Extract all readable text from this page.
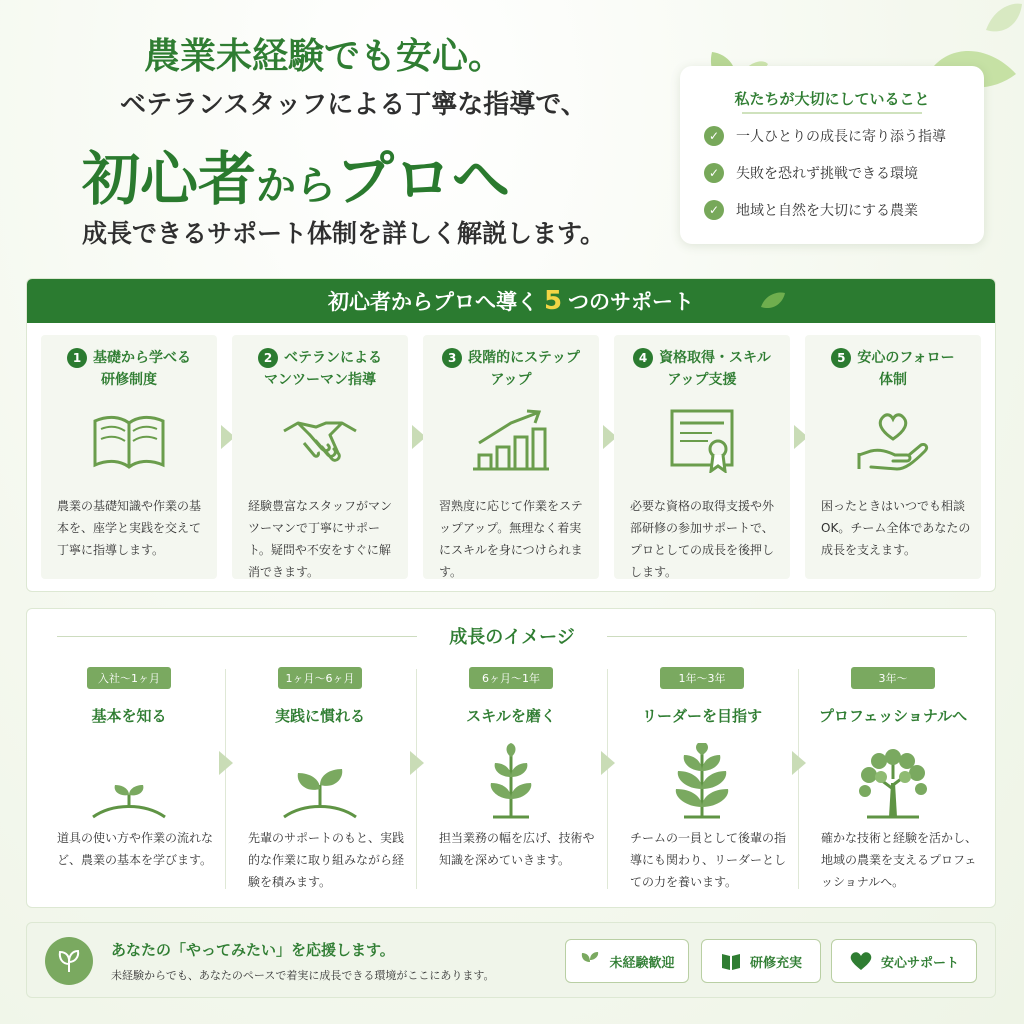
農業未経験でも安心。
ベテランスタッフによる丁寧な指導で、
初心者からプロへ
成長できるサポート体制を詳しく解説します。
私たちが大切にしていること
✓	一人ひとりの成長に寄り添う指導
✓	失敗を恐れず挑戦できる環境
✓	地域と自然を大切にする農業
初心者からプロへ導く 5 つのサポート
1 基礎から学べる
研修制度
農業の基礎知識や作業の基本を、座学と実践を交えて丁寧に指導します。
2 ベテランによる
マンツーマン指導
経験豊富なスタッフがマンツーマンで丁寧にサポート。疑問や不安をすぐに解消できます。
3 段階的にステップ
アップ
習熟度に応じて作業をステップアップ。無理なく着実にスキルを身につけられます。
4 資格取得・スキル
アップ支援
必要な資格の取得支援や外部研修の参加サポートで、プロとしての成長を後押しします。
5 安心のフォロー
体制
困ったときはいつでも相談OK。チーム全体であなたの成長を支えます。
成長のイメージ
入社〜1ヶ月
基本を知る
道具の使い方や作業の流れなど、農業の基本を学びます。
1ヶ月〜6ヶ月
実践に慣れる
先輩のサポートのもと、実践的な作業に取り組みながら経験を積みます。
6ヶ月〜1年
スキルを磨く
担当業務の幅を広げ、技術や知識を深めていきます。
1年〜3年
リーダーを目指す
チームの一員として後輩の指導にも関わり、リーダーとしての力を養います。
3年〜
プロフェッショナルへ
確かな技術と経験を活かし、地域の農業を支えるプロフェッショナルへ。
あなたの「やってみたい」を応援します。
未経験からでも、あなたのペースで着実に成長できる環境がここにあります。
未経験歓迎	研修充実	安心サポート
